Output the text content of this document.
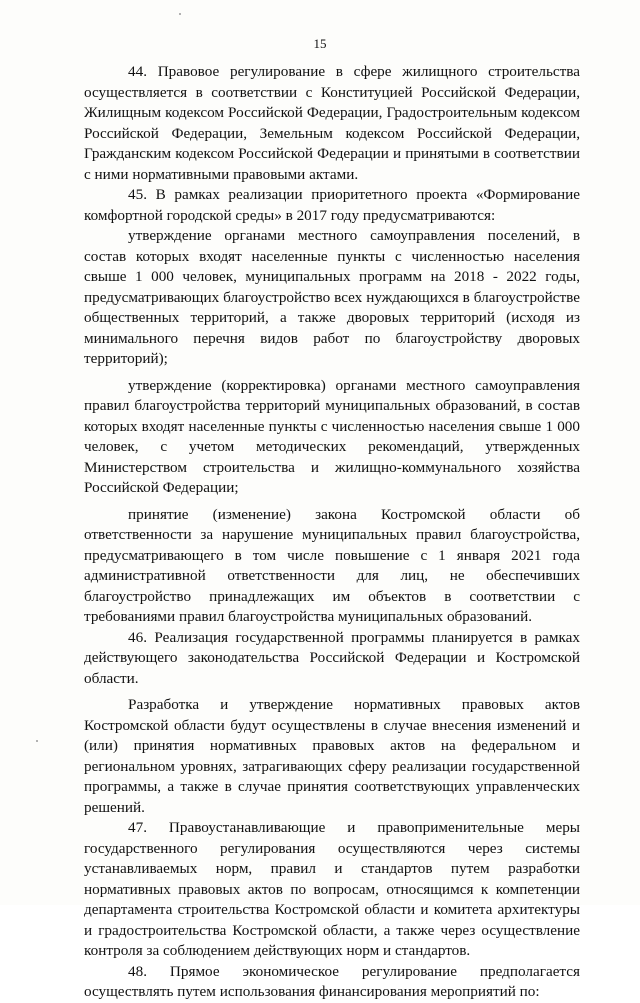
15

44. Правовое регулирование в сфере жилищного строительства осуществляется в соответствии с Конституцией Российской Федерации, Жилищным кодексом Российской Федерации, Градостроительным кодексом Российской Федерации, Земельным кодексом Российской Федерации, Гражданским кодексом Российской Федерации и принятыми в соответствии с ними нормативными правовыми актами.

45. В рамках реализации приоритетного проекта «Формирование комфортной городской среды» в 2017 году предусматриваются:

утверждение органами местного самоуправления поселений, в состав которых входят населенные пункты с численностью населения свыше 1 000 человек, муниципальных программ на 2018 - 2022 годы, предусматривающих благоустройство всех нуждающихся в благоустройстве общественных территорий, а также дворовых территорий (исходя из минимального перечня видов работ по благоустройству дворовых территорий);

утверждение (корректировка) органами местного самоуправления правил благоустройства территорий муниципальных образований, в состав которых входят населенные пункты с численностью населения свыше 1 000 человек, с учетом методических рекомендаций, утвержденных Министерством строительства и жилищно-коммунального хозяйства Российской Федерации;

принятие (изменение) закона Костромской области об ответственности за нарушение муниципальных правил благоустройства, предусматривающего в том числе повышение с 1 января 2021 года административной ответственности для лиц, не обеспечивших благоустройство принадлежащих им объектов в соответствии с требованиями правил благоустройства муниципальных образований.

46. Реализация государственной программы планируется в рамках действующего законодательства Российской Федерации и Костромской области.

Разработка и утверждение нормативных правовых актов Костромской области будут осуществлены в случае внесения изменений и (или) принятия нормативных правовых актов на федеральном и региональном уровнях, затрагивающих сферу реализации государственной программы, а также в случае принятия соответствующих управленческих решений.

47. Правоустанавливающие и правоприменительные меры государственного регулирования осуществляются через системы устанавливаемых норм, правил и стандартов путем разработки нормативных правовых актов по вопросам, относящимся к компетенции департамента строительства Костромской области и комитета архитектуры и градостроительства Костромской области, а также через осуществление контроля за соблюдением действующих норм и стандартов.

48. Прямое экономическое регулирование предполагается осуществлять путем использования финансирования мероприятий по:
